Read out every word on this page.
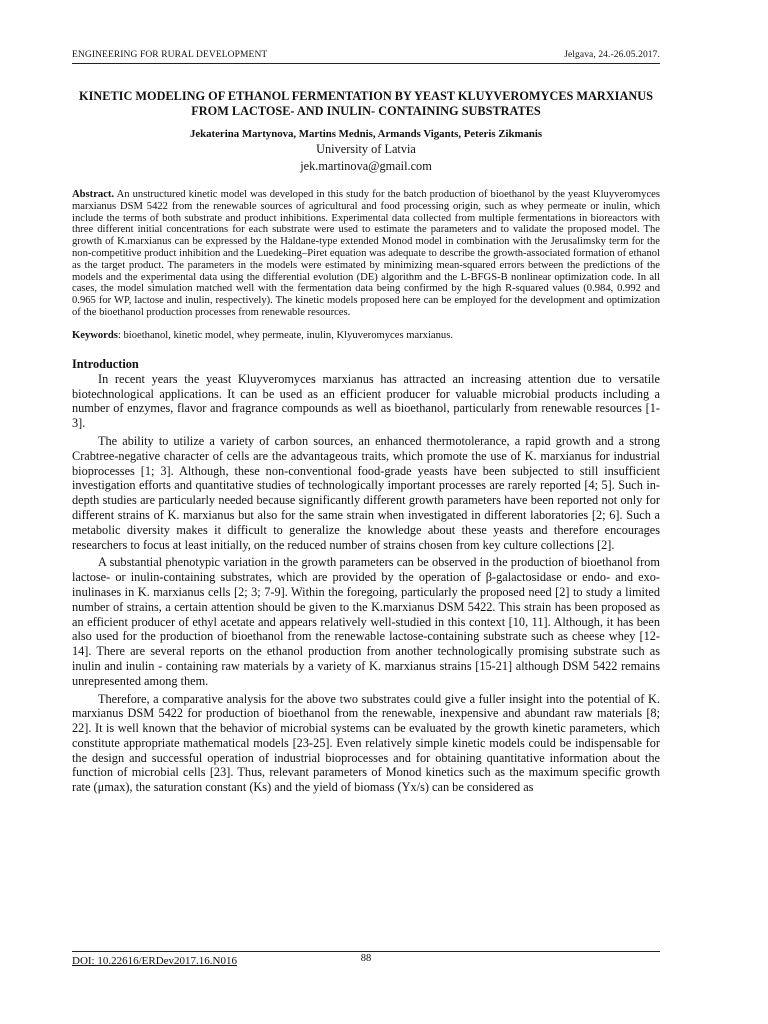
ENGINEERING FOR RURAL DEVELOPMENT	Jelgava, 24.-26.05.2017.
KINETIC MODELING OF ETHANOL FERMENTATION BY YEAST KLUYVEROMYCES MARXIANUS FROM LACTOSE- AND INULIN- CONTAINING SUBSTRATES
Jekaterina Martynova, Martins Mednis, Armands Vigants, Peteris Zikmanis
University of Latvia
jek.martinova@gmail.com
Abstract. An unstructured kinetic model was developed in this study for the batch production of bioethanol by the yeast Kluyveromyces marxianus DSM 5422 from the renewable sources of agricultural and food processing origin, such as whey permeate or inulin, which include the terms of both substrate and product inhibitions. Experimental data collected from multiple fermentations in bioreactors with three different initial concentrations for each substrate were used to estimate the parameters and to validate the proposed model. The growth of K.marxianus can be expressed by the Haldane-type extended Monod model in combination with the Jerusalimsky term for the non-competitive product inhibition and the Luedeking–Piret equation was adequate to describe the growth-associated formation of ethanol as the target product. The parameters in the models were estimated by minimizing mean-squared errors between the predictions of the models and the experimental data using the differential evolution (DE) algorithm and the L-BFGS-B nonlinear optimization code. In all cases, the model simulation matched well with the fermentation data being confirmed by the high R-squared values (0.984, 0.992 and 0.965 for WP, lactose and inulin, respectively). The kinetic models proposed here can be employed for the development and optimization of the bioethanol production processes from renewable resources.
Keywords: bioethanol, kinetic model, whey permeate, inulin, Klyuveromyces marxianus.
Introduction

In recent years the yeast Kluyveromyces marxianus has attracted an increasing attention due to versatile biotechnological applications. It can be used as an efficient producer for valuable microbial products including a number of enzymes, flavor and fragrance compounds as well as bioethanol, particularly from renewable resources [1-3].

The ability to utilize a variety of carbon sources, an enhanced thermotolerance, a rapid growth and a strong Crabtree-negative character of cells are the advantageous traits, which promote the use of K. marxianus for industrial bioprocesses [1; 3]. Although, these non-conventional food-grade yeasts have been subjected to still insufficient investigation efforts and quantitative studies of technologically important processes are rarely reported [4; 5]. Such in-depth studies are particularly needed because significantly different growth parameters have been reported not only for different strains of K. marxianus but also for the same strain when investigated in different laboratories [2; 6]. Such a metabolic diversity makes it difficult to generalize the knowledge about these yeasts and therefore encourages researchers to focus at least initially, on the reduced number of strains chosen from key culture collections [2].

A substantial phenotypic variation in the growth parameters can be observed in the production of bioethanol from lactose- or inulin-containing substrates, which are provided by the operation of β-galactosidase or endo- and exo-inulinases in K. marxianus cells [2; 3; 7-9]. Within the foregoing, particularly the proposed need [2] to study a limited number of strains, a certain attention should be given to the K.marxianus DSM 5422. This strain has been proposed as an efficient producer of ethyl acetate and appears relatively well-studied in this context [10, 11]. Although, it has been also used for the production of bioethanol from the renewable lactose-containing substrate such as cheese whey [12-14]. There are several reports on the ethanol production from another technologically promising substrate such as inulin and inulin - containing raw materials by a variety of K. marxianus strains [15-21] although DSM 5422 remains unrepresented among them.

Therefore, a comparative analysis for the above two substrates could give a fuller insight into the potential of K. marxianus DSM 5422 for production of bioethanol from the renewable, inexpensive and abundant raw materials [8; 22]. It is well known that the behavior of microbial systems can be evaluated by the growth kinetic parameters, which constitute appropriate mathematical models [23-25]. Even relatively simple kinetic models could be indispensable for the design and successful operation of industrial bioprocesses and for obtaining quantitative information about the function of microbial cells [23]. Thus, relevant parameters of Monod kinetics such as the maximum specific growth rate (μmax), the saturation constant (Ks) and the yield of biomass (Yx/s) can be considered as

DOI: 10.22616/ERDev2017.16.N016	88
